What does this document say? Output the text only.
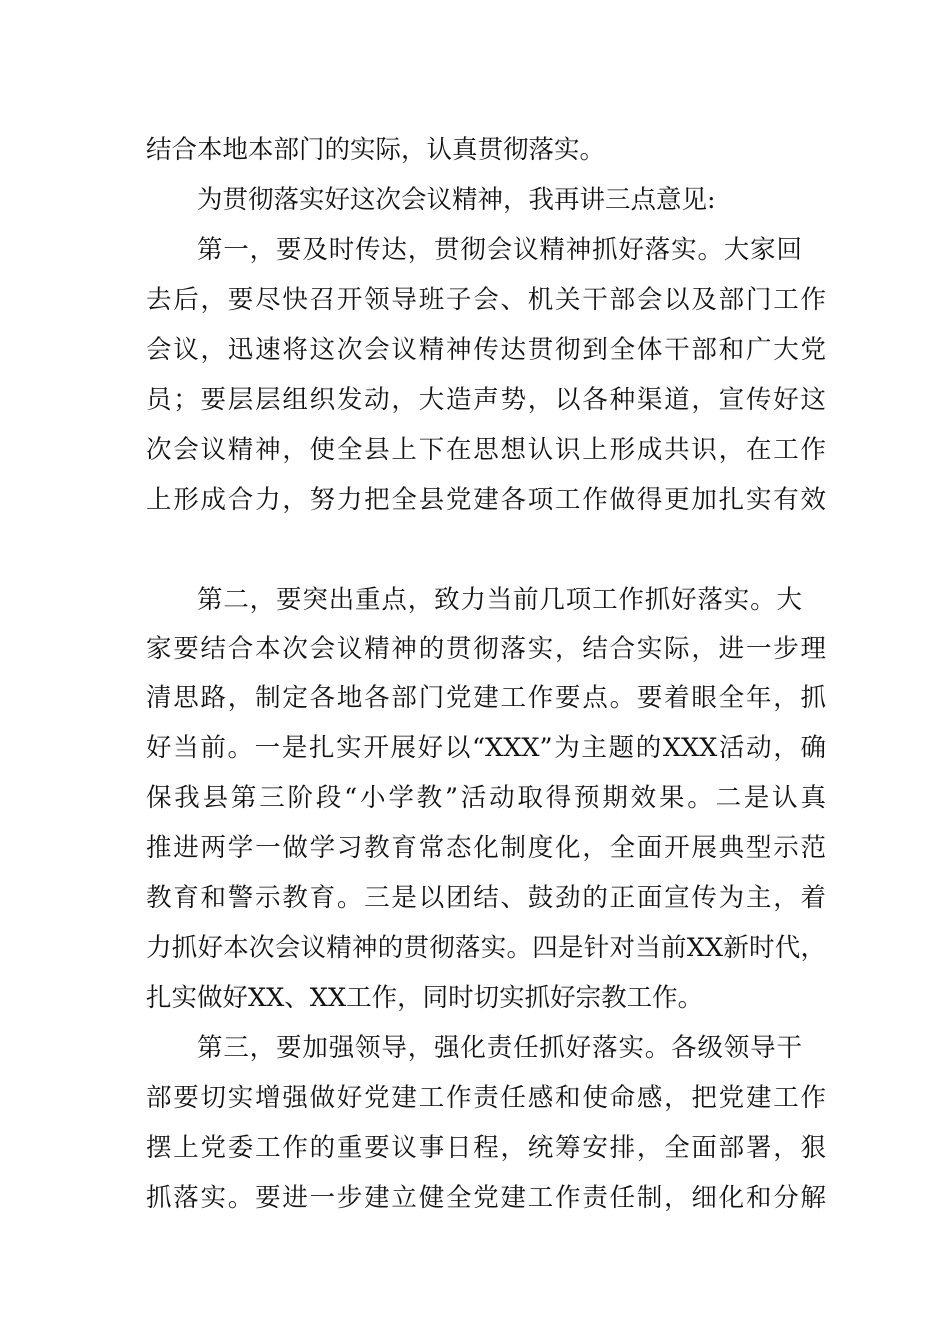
结合本地本部门的实际，认真贯彻落实。
为贯彻落实好这次会议精神，我再讲三点意见:
第一，要及时传达，贯彻会议精神抓好落实。大家回
去后，要尽快召开领导班子会、机关干部会以及部门工作
会议，迅速将这次会议精神传达贯彻到全体干部和广大党
员；要层层组织发动，大造声势，以各种渠道，宣传好这
次会议精神，使全县上下在思想认识上形成共识，在工作
上形成合力，努力把全县党建各项工作做得更加扎实有效
第二，要突出重点，致力当前几项工作抓好落实。大
家要结合本次会议精神的贯彻落实，结合实际，进一步理
清思路，制定各地各部门党建工作要点。要着眼全年，抓
好当前。一是扎实开展好以“XXX”为主题的XXX活动，确
保我县第三阶段“小学教”活动取得预期效果。二是认真
推进两学一做学习教育常态化制度化，全面开展典型示范
教育和警示教育。三是以团结、鼓劲的正面宣传为主，着
力抓好本次会议精神的贯彻落实。四是针对当前XX新时代，
扎实做好XX、XX工作，同时切实抓好宗教工作。
第三，要加强领导，强化责任抓好落实。各级领导干
部要切实增强做好党建工作责任感和使命感，把党建工作
摆上党委工作的重要议事日程，统筹安排，全面部署，狠
抓落实。要进一步建立健全党建工作责任制，细化和分解
